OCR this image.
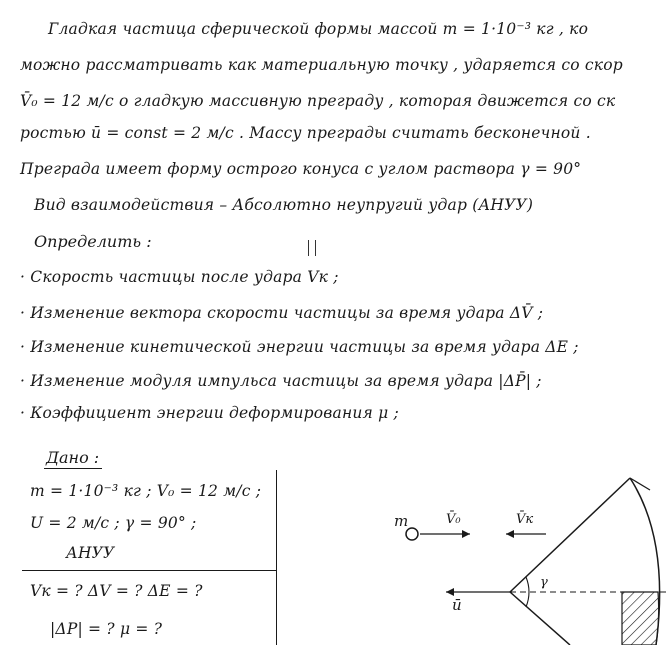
Гладкая частица сферической формы массой m = 1·10⁻³ кг , ко
можно рассматривать как материальную точку , ударяется со скор
V̄₀ = 12 м/с о гладкую массивную преграду , которая движется со ск
ростью ū = const = 2 м/с . Массу преграды считать бесконечной .
Преграда имеет форму острого конуса с углом раствора γ = 90°
Вид взаимодействия – Абсолютно неупругий удар (АНУУ)
Определить :
· Скорость частицы после удара Vк ;
· Изменение вектора скорости частицы за время удара ΔV̄ ;
· Изменение кинетической энергии частицы за время удара ΔE ;
· Изменение модуля импульса частицы за время удара |ΔP̄| ;
· Коэффициент энергии деформирования μ ;
Дано :
m = 1·10⁻³ кг ; V₀ = 12 м/с ;
U = 2 м/с ; γ = 90° ;
АНУУ
Vк = ? ΔV = ? ΔE = ?
|ΔP| = ? μ = ?
m	V̄₀	V̄к
ū
γ
